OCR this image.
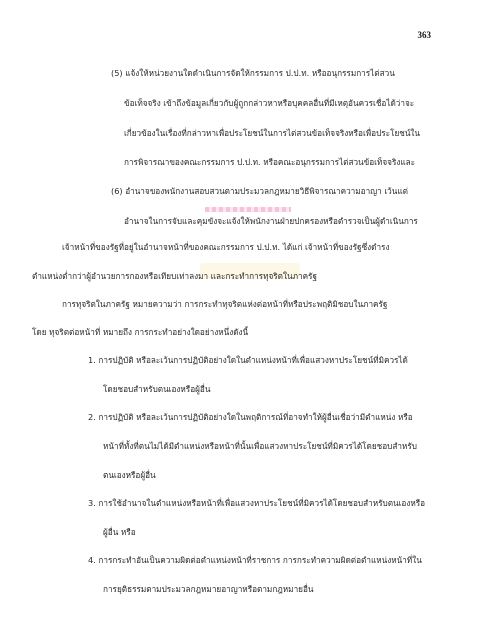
363
(5) แจ้งให้หน่วยงานใดดำเนินการจัดให้กรรมการ ป.ป.ท. หรืออนุกรรมการไต่สวน
ข้อเท็จจริง เข้าถึงข้อมูลเกี่ยวกับผู้ถูกกล่าวหาหรือบุคคลอื่นที่มีเหตุอันควรเชื่อได้ว่าจะ
เกี่ยวข้องในเรื่องที่กล่าวหาเพื่อประโยชน์ในการไต่สวนข้อเท็จจริงหรือเพื่อประโยชน์ใน
การพิจารณาของคณะกรรมการ ป.ป.ท. หรือคณะอนุกรรมการไต่สวนข้อเท็จจริงและ
(6) อำนาจของพนักงานสอบสวนตามประมวลกฎหมายวิธีพิจารณาความอาญา เว้นแต่
อำนาจในการจับและคุมขังจะแจ้งให้พนักงานฝ่ายปกครองหรือตำรวจเป็นผู้ดำเนินการ
เจ้าหน้าที่ของรัฐที่อยู่ในอำนาจหน้าที่ของคณะกรรมการ ป.ป.ท. ได้แก่ เจ้าหน้าที่ของรัฐซึ่งดำรง
ตำแหน่งต่ำกว่าผู้อำนวยการกองหรือเทียบเท่าลงมา และกระทำการทุจริตในภาครัฐ
การทุจริตในภาครัฐ หมายความว่า การกระทำทุจริตแห่งต่อหน้าที่หรือประพฤติมิชอบในภาครัฐ
โดย ทุจริตต่อหน้าที่ หมายถึง การกระทำอย่างใดอย่างหนึ่งดังนี้
1. การปฏิบัติ หรือละเว้นการปฏิบัติอย่างใดในตำแหน่งหน้าที่เพื่อแสวงหาประโยชน์ที่มิควรได้
โดยชอบสำหรับตนเองหรือผู้อื่น
2. การปฏิบัติ หรือละเว้นการปฏิบัติอย่างใดในพฤติการณ์ที่อาจทำให้ผู้อื่นเชื่อว่ามีตำแหน่ง หรือ
หน้าที่ทั้งที่ตนไม่ได้มีตำแหน่งหรือหน้าที่นั้นเพื่อแสวงหาประโยชน์ที่มิควรได้โดยชอบสำหรับ
ตนเองหรือผู้อื่น
3. การใช้อำนาจในตำแหน่งหรือหน้าที่เพื่อแสวงหาประโยชน์ที่มิควรได้โดยชอบสำหรับตนเองหรือ
ผู้อื่น หรือ
4. การกระทำอันเป็นความผิดต่อตำแหน่งหน้าที่ราชการ การกระทำความผิดต่อตำแหน่งหน้าที่ใน
การยุติธรรมตามประมวลกฎหมายอาญาหรือตามกฎหมายอื่น
